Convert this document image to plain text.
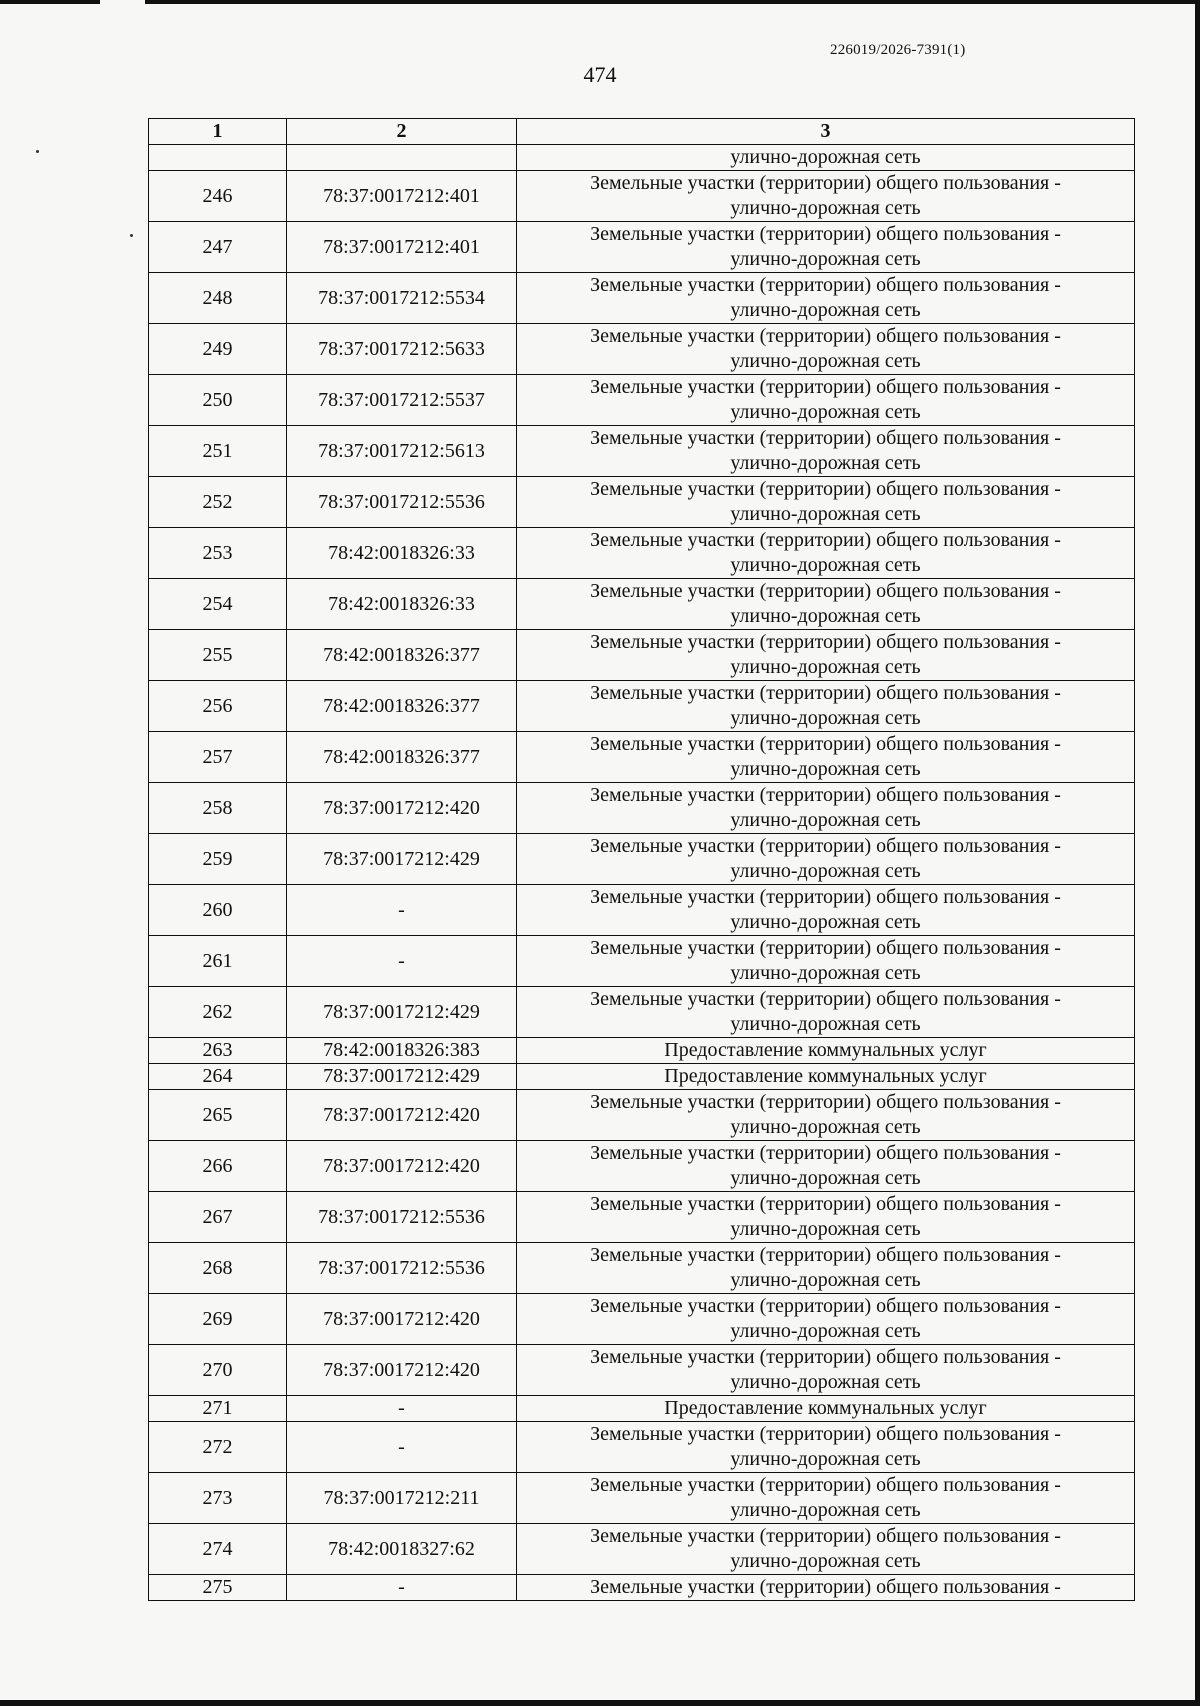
226019/2026-7391(1)
474
1	2	3
		улично-дорожная сеть
246	78:37:0017212:401	Земельные участки (территории) общего пользования -
улично-дорожная сеть

247	78:37:0017212:401	Земельные участки (территории) общего пользования -
улично-дорожная сеть

248	78:37:0017212:5534	Земельные участки (территории) общего пользования -
улично-дорожная сеть

249	78:37:0017212:5633	Земельные участки (территории) общего пользования -
улично-дорожная сеть

250	78:37:0017212:5537	Земельные участки (территории) общего пользования -
улично-дорожная сеть

251	78:37:0017212:5613	Земельные участки (территории) общего пользования -
улично-дорожная сеть

252	78:37:0017212:5536	Земельные участки (территории) общего пользования -
улично-дорожная сеть

253	78:42:0018326:33	Земельные участки (территории) общего пользования -
улично-дорожная сеть

254	78:42:0018326:33	Земельные участки (территории) общего пользования -
улично-дорожная сеть

255	78:42:0018326:377	Земельные участки (территории) общего пользования -
улично-дорожная сеть

256	78:42:0018326:377	Земельные участки (территории) общего пользования -
улично-дорожная сеть

257	78:42:0018326:377	Земельные участки (территории) общего пользования -
улично-дорожная сеть

258	78:37:0017212:420	Земельные участки (территории) общего пользования -
улично-дорожная сеть

259	78:37:0017212:429	Земельные участки (территории) общего пользования -
улично-дорожная сеть

260	-	Земельные участки (территории) общего пользования -
улично-дорожная сеть

261	-	Земельные участки (территории) общего пользования -
улично-дорожная сеть

262	78:37:0017212:429	Земельные участки (территории) общего пользования -
улично-дорожная сеть

263	78:42:0018326:383	Предоставление коммунальных услуг

264	78:37:0017212:429	Предоставление коммунальных услуг

265	78:37:0017212:420	Земельные участки (территории) общего пользования -
улично-дорожная сеть

266	78:37:0017212:420	Земельные участки (территории) общего пользования -
улично-дорожная сеть

267	78:37:0017212:5536	Земельные участки (территории) общего пользования -
улично-дорожная сеть

268	78:37:0017212:5536	Земельные участки (территории) общего пользования -
улично-дорожная сеть

269	78:37:0017212:420	Земельные участки (территории) общего пользования -
улично-дорожная сеть

270	78:37:0017212:420	Земельные участки (территории) общего пользования -
улично-дорожная сеть

271	-	Предоставление коммунальных услуг

272	-	Земельные участки (территории) общего пользования -
улично-дорожная сеть

273	78:37:0017212:211	Земельные участки (территории) общего пользования -
улично-дорожная сеть

274	78:42:0018327:62	Земельные участки (территории) общего пользования -
улично-дорожная сеть

275	-	Земельные участки (территории) общего пользования -
